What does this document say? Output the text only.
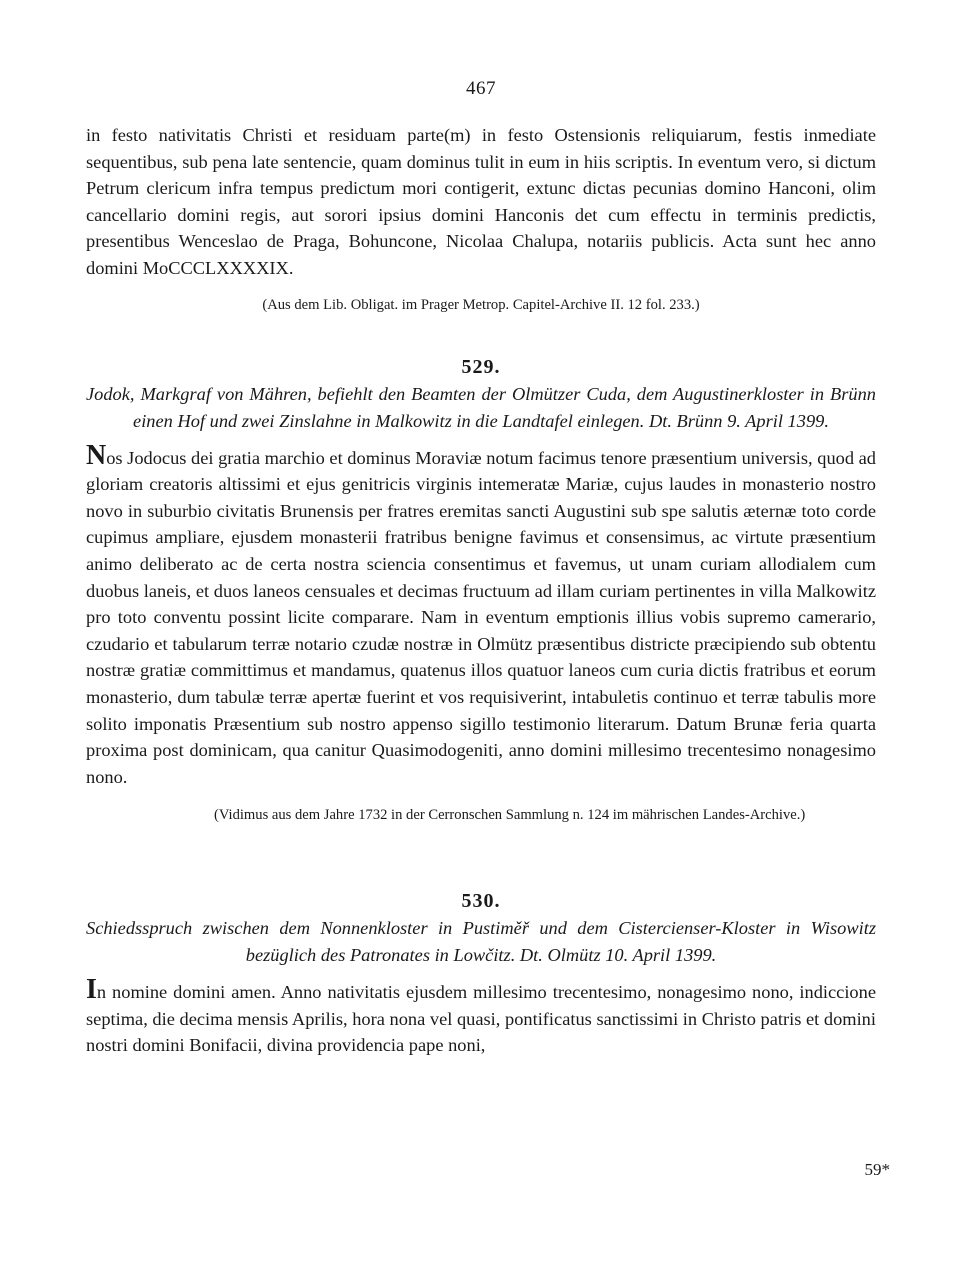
467

in festo nativitatis Christi et residuam parte(m) in festo Ostensionis reliquiarum, festis inmediate sequentibus, sub pena late sentencie, quam dominus tulit in eum in hiis scriptis. In eventum vero, si dictum Petrum clericum infra tempus predictum mori contigerit, extunc dictas pecunias domino Hanconi, olim cancellario domini regis, aut sorori ipsius domini Hanconis det cum effectu in terminis predictis, presentibus Wenceslao de Praga, Bohuncone, Nicolaa Chalupa, notariis publicis. Acta sunt hec anno domini MoCCCLXXXXIX.

(Aus dem Lib. Obligat. im Prager Metrop. Capitel-Archive II. 12 fol. 233.)

529.

Jodok, Markgraf von Mähren, befiehlt den Beamten der Olmützer Cuda, dem Augustinerkloster in Brünn einen Hof und zwei Zinslahne in Malkowitz in die Landtafel einlegen. Dt. Brünn 9. April 1399.

Nos Jodocus dei gratia marchio et dominus Moraviæ notum facimus tenore præsentium universis, quod ad gloriam creatoris altissimi et ejus genitricis virginis intemeratæ Mariæ, cujus laudes in monasterio nostro novo in suburbio civitatis Brunensis per fratres eremitas sancti Augustini sub spe salutis æternæ toto corde cupimus ampliare, ejusdem monasterii fratribus benigne favimus et consensimus, ac virtute præsentium animo deliberato ac de certa nostra sciencia consentimus et favemus, ut unam curiam allodialem cum duobus laneis, et duos laneos censuales et decimas fructuum ad illam curiam pertinentes in villa Malkowitz pro toto conventu possint licite comparare. Nam in eventum emptionis illius vobis supremo camerario, czudario et tabularum terræ notario czudæ nostræ in Olmütz præsentibus districte præcipiendo sub obtentu nostræ gratiæ committimus et mandamus, quatenus illos quatuor laneos cum curia dictis fratribus et eorum monasterio, dum tabulæ terræ apertæ fuerint et vos requisiverint, intabuletis continuo et terræ tabulis more solito imponatis Præsentium sub nostro appenso sigillo testimonio literarum. Datum Brunæ feria quarta proxima post dominicam, qua canitur Quasimodogeniti, anno domini millesimo trecentesimo nonagesimo nono.

(Vidimus aus dem Jahre 1732 in der Cerronschen Sammlung n. 124 im mährischen Landes-Archive.)

530.

Schiedsspruch zwischen dem Nonnenkloster in Pustiměř und dem Cistercienser-Kloster in Wisowitz bezüglich des Patronates in Lowčitz. Dt. Olmütz 10. April 1399.

In nomine domini amen. Anno nativitatis ejusdem millesimo trecentesimo, nonagesimo nono, indiccione septima, die decima mensis Aprilis, hora nona vel quasi, pontificatus sanctissimi in Christo patris et domini nostri domini Bonifacii, divina providencia pape noni,

59*
